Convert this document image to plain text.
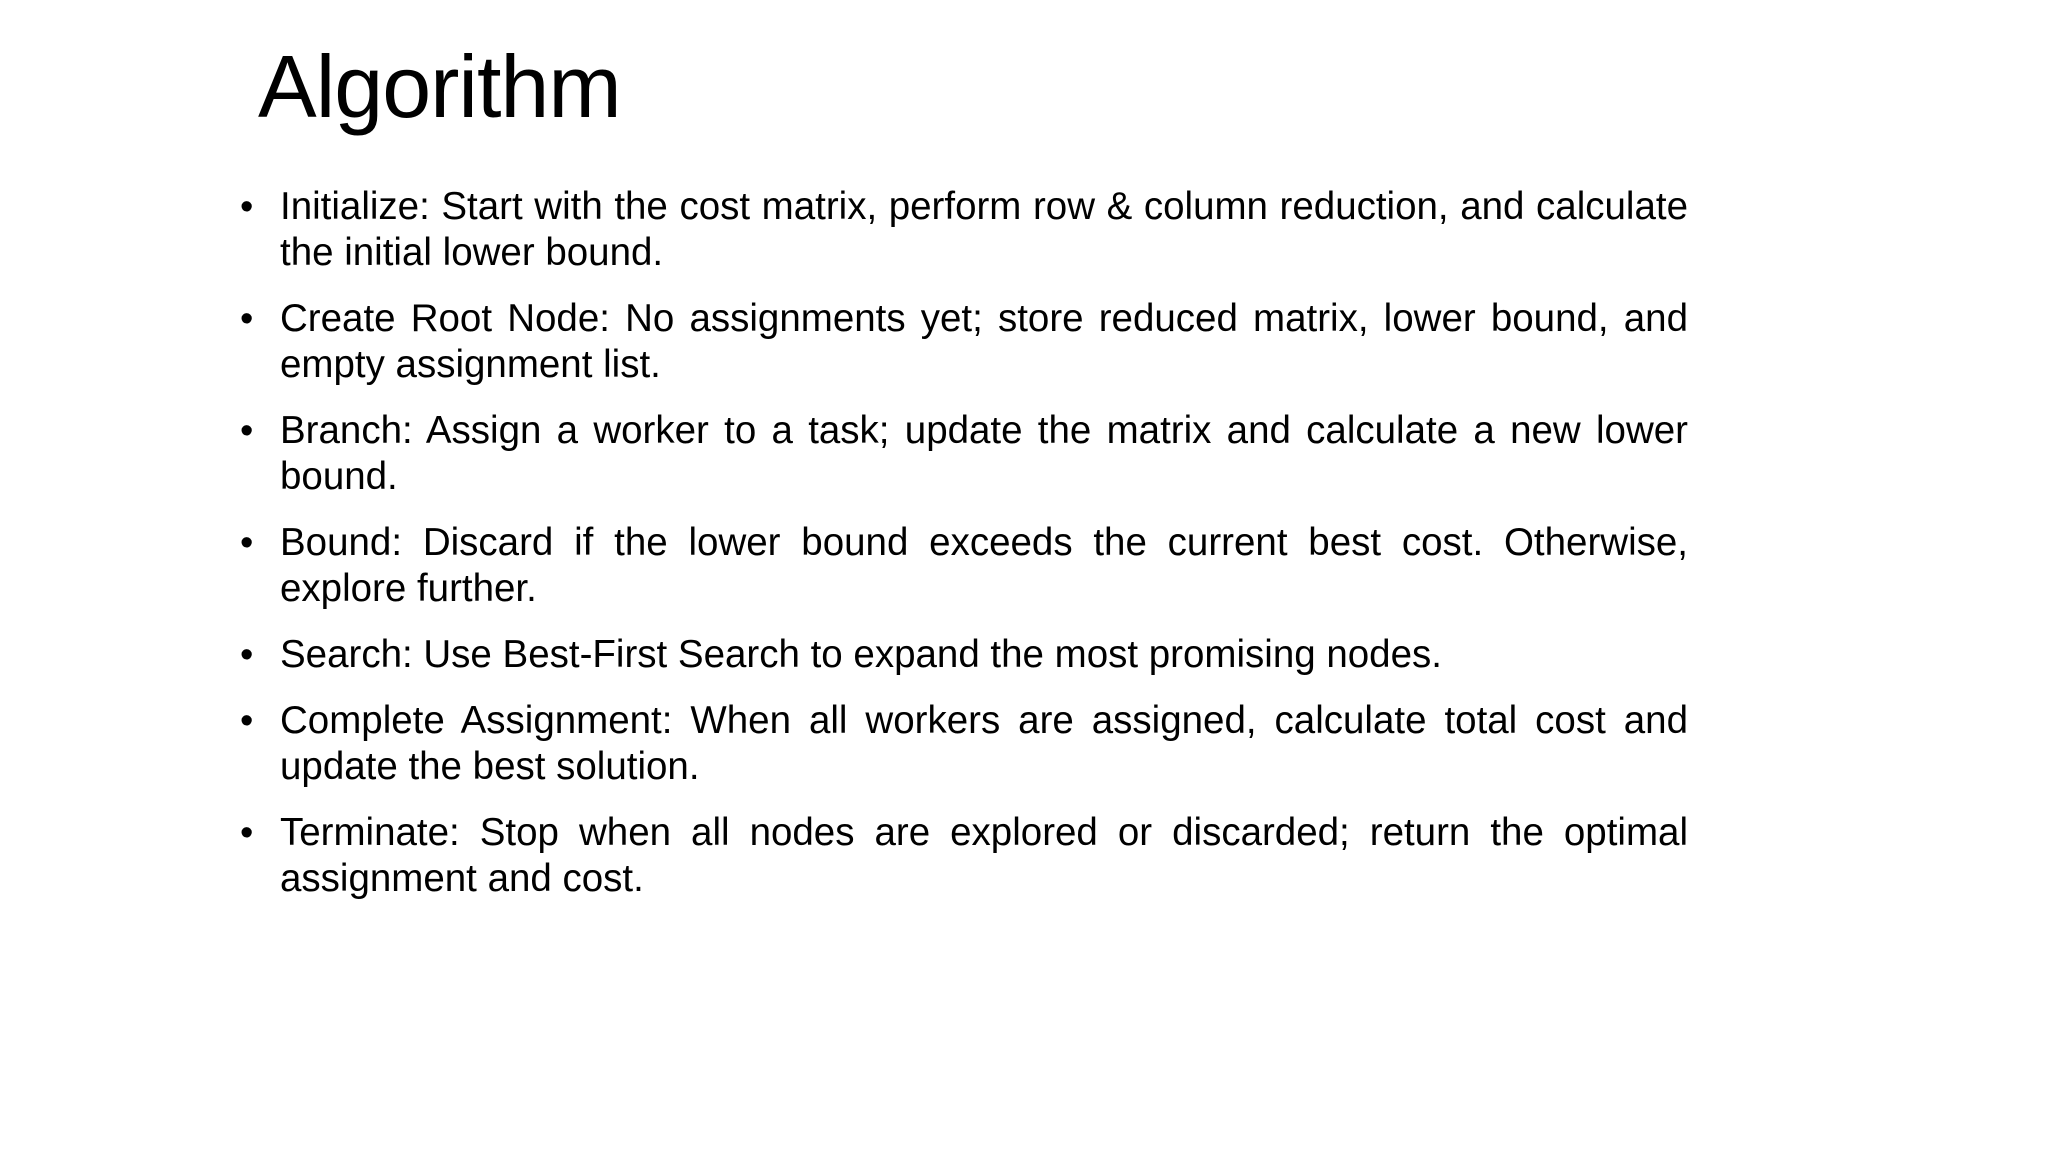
Algorithm
• Initialize: Start with the cost matrix, perform row & column reduction, and calculate the initial lower bound.
• Create Root Node: No assignments yet; store reduced matrix, lower bound, and empty assignment list.
• Branch: Assign a worker to a task; update the matrix and calculate a new lower bound.
• Bound: Discard if the lower bound exceeds the current best cost. Otherwise, explore further.
• Search: Use Best-First Search to expand the most promising nodes.
• Complete Assignment: When all workers are assigned, calculate total cost and update the best solution.
• Terminate: Stop when all nodes are explored or discarded; return the optimal assignment and cost.
